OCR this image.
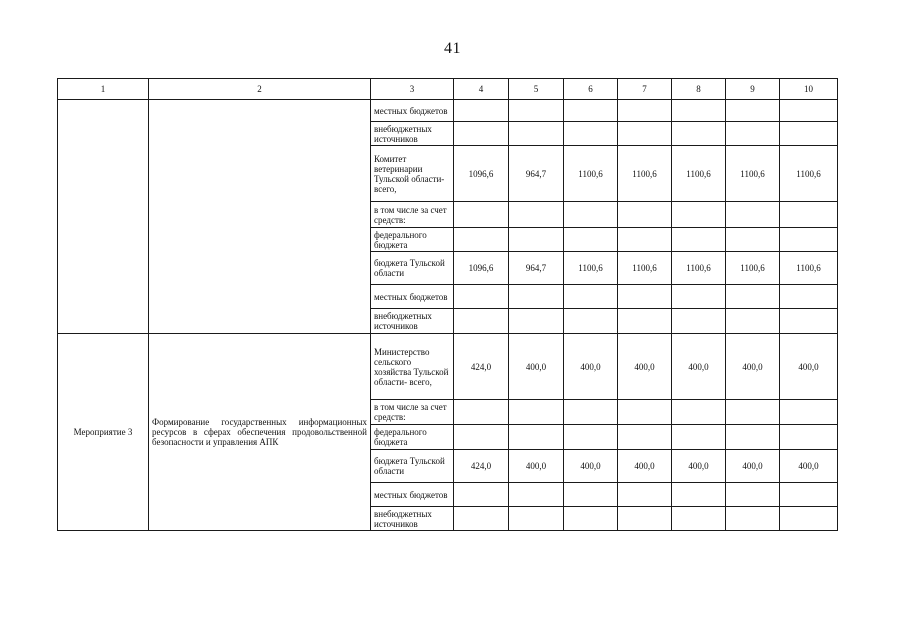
41
1	2	3	4	5	6	7	8	9	10
		местных бюджетов							
		внебюджетных источников							
		Комитет ветеринарии Тульской области- всего,	1096,6	964,7	1100,6	1100,6	1100,6	1100,6	1100,6
		в том числе за счет средств:							
		федерального бюджета							
		бюджета Тульской области	1096,6	964,7	1100,6	1100,6	1100,6	1100,6	1100,6
		местных бюджетов							
		внебюджетных источников							
Мероприятие 3	Формирование государственных информационных ресурсов в сферах обеспечения продовольственной безопасности и управления АПК	Министерство сельского хозяйства Тульской области- всего,	424,0	400,0	400,0	400,0	400,0	400,0	400,0
		в том числе за счет средств:							
		федерального бюджета							
		бюджета Тульской области	424,0	400,0	400,0	400,0	400,0	400,0	400,0
		местных бюджетов							
		внебюджетных источников							
